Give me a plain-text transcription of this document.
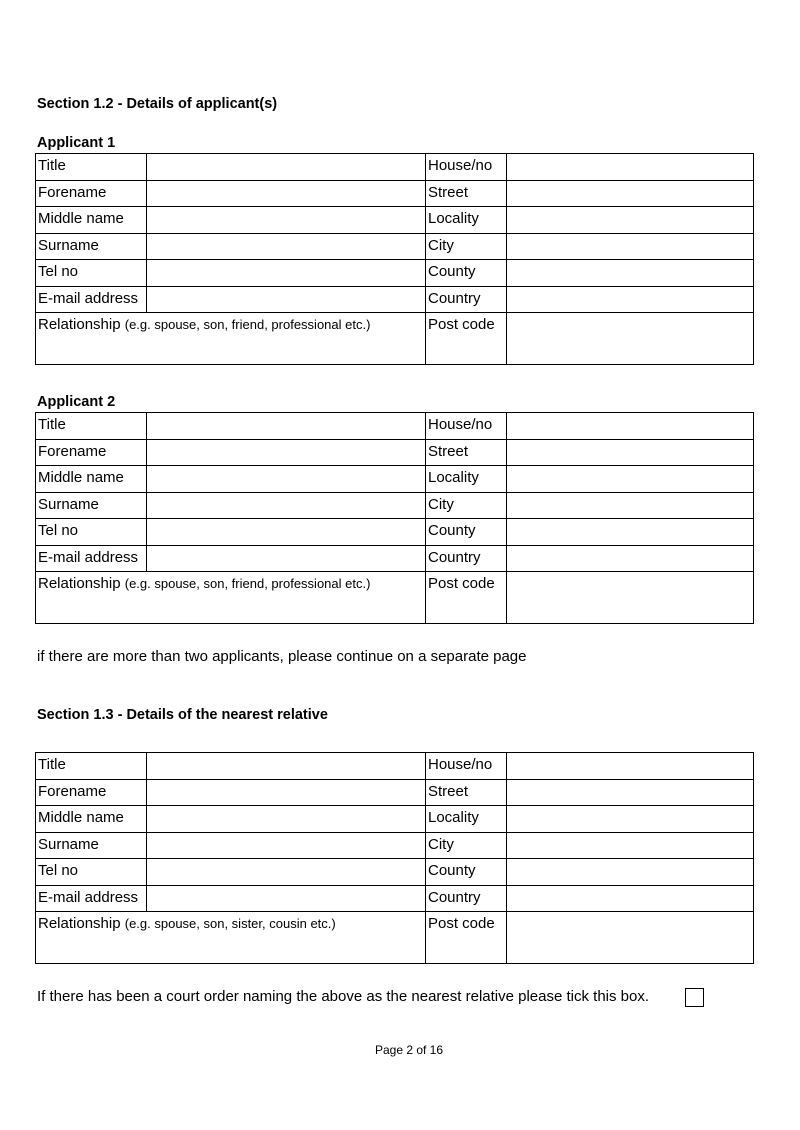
Section 1.2 - Details of applicant(s)
Applicant 1
Title		House/no	
Forename		Street	
Middle name		Locality	
Surname		City	
Tel no		County	
E-mail address		Country	
Relationship (e.g. spouse, son, friend, professional etc.)		Post code	

Applicant 2
Title		House/no	
Forename		Street	
Middle name		Locality	
Surname		City	
Tel no		County	
E-mail address		Country	
Relationship (e.g. spouse, son, friend, professional etc.)		Post code	

if there are more than two applicants, please continue on a separate page
Section 1.3 - Details of the nearest relative
Title		House/no	
Forename		Street	
Middle name		Locality	
Surname		City	
Tel no		County	
E-mail address		Country	
Relationship (e.g. spouse, son, sister, cousin etc.)		Post code	

If there has been a court order naming the above as the nearest relative please tick this box.
Page 2 of 16
